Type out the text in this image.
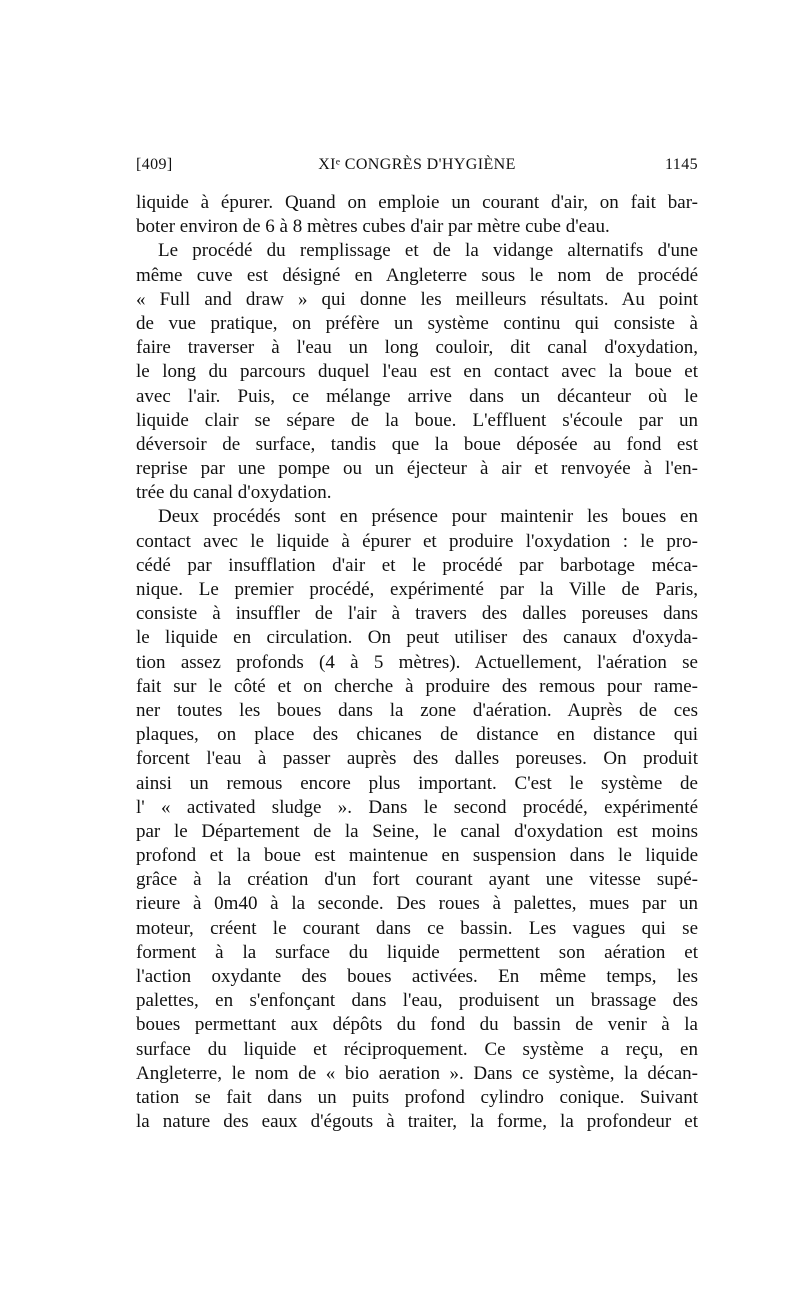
[409]	XIᵉ CONGRÈS D'HYGIÈNE	1145
liquide à épurer. Quand on emploie un courant d'air, on fait bar-
boter environ de 6 à 8 mètres cubes d'air par mètre cube d'eau.
Le procédé du remplissage et de la vidange alternatifs d'une
même cuve est désigné en Angleterre sous le nom de procédé
« Full and draw » qui donne les meilleurs résultats. Au point
de vue pratique, on préfère un système continu qui consiste à
faire traverser à l'eau un long couloir, dit canal d'oxydation,
le long du parcours duquel l'eau est en contact avec la boue et
avec l'air. Puis, ce mélange arrive dans un décanteur où le
liquide clair se sépare de la boue. L'effluent s'écoule par un
déversoir de surface, tandis que la boue déposée au fond est
reprise par une pompe ou un éjecteur à air et renvoyée à l'en-
trée du canal d'oxydation.
Deux procédés sont en présence pour maintenir les boues en
contact avec le liquide à épurer et produire l'oxydation : le pro-
cédé par insufflation d'air et le procédé par barbotage méca-
nique. Le premier procédé, expérimenté par la Ville de Paris,
consiste à insuffler de l'air à travers des dalles poreuses dans
le liquide en circulation. On peut utiliser des canaux d'oxyda-
tion assez profonds (4 à 5 mètres). Actuellement, l'aération se
fait sur le côté et on cherche à produire des remous pour rame-
ner toutes les boues dans la zone d'aération. Auprès de ces
plaques, on place des chicanes de distance en distance qui
forcent l'eau à passer auprès des dalles poreuses. On produit
ainsi un remous encore plus important. C'est le système de
l' « activated sludge ». Dans le second procédé, expérimenté
par le Département de la Seine, le canal d'oxydation est moins
profond et la boue est maintenue en suspension dans le liquide
grâce à la création d'un fort courant ayant une vitesse supé-
rieure à 0m40 à la seconde. Des roues à palettes, mues par un
moteur, créent le courant dans ce bassin. Les vagues qui se
forment à la surface du liquide permettent son aération et
l'action oxydante des boues activées. En même temps, les
palettes, en s'enfonçant dans l'eau, produisent un brassage des
boues permettant aux dépôts du fond du bassin de venir à la
surface du liquide et réciproquement. Ce système a reçu, en
Angleterre, le nom de « bio aeration ». Dans ce système, la décan-
tation se fait dans un puits profond cylindro conique. Suivant
la nature des eaux d'égouts à traiter, la forme, la profondeur et
